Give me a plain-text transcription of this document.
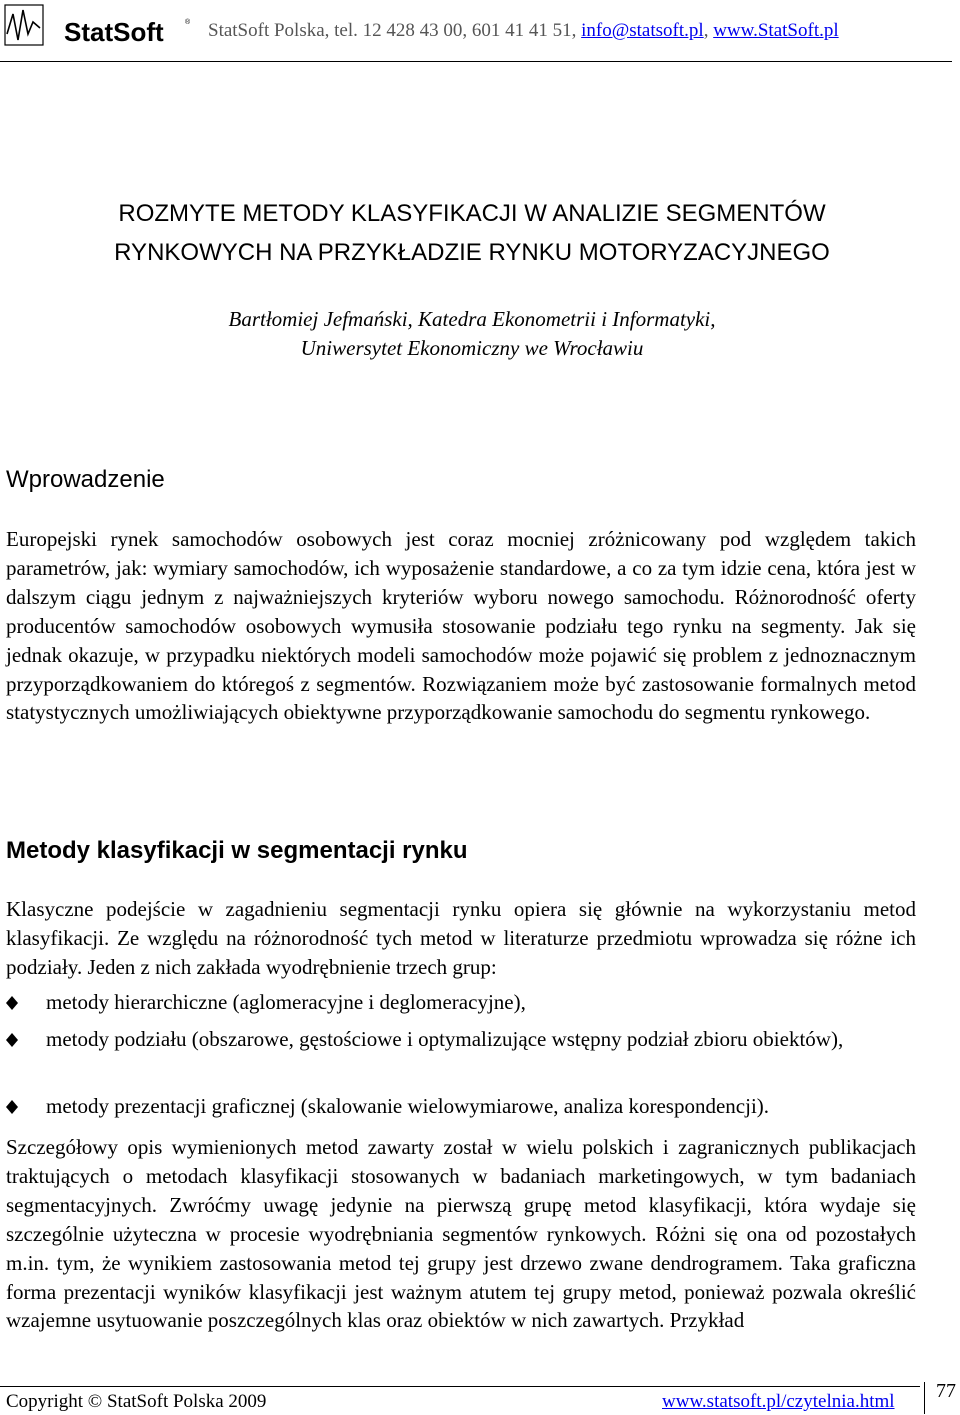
StatSoft	® StatSoft Polska, tel. 12 428 43 00, 601 41 41 51, info@statsoft.pl, www.StatSoft.pl
ROZMYTE METODY KLASYFIKACJI W ANALIZIE SEGMENTÓW
RYNKOWYCH NA PRZYKŁADZIE RYNKU MOTORYZACYJNEGO
Bartłomiej Jefmański, Katedra Ekonometrii i Informatyki,
Uniwersytet Ekonomiczny we Wrocławiu
Wprowadzenie

Europejski rynek samochodów osobowych jest coraz mocniej zróżnicowany pod względem takich parametrów, jak: wymiary samochodów, ich wyposażenie standardowe, a co za tym idzie cena, która jest w dalszym ciągu jednym z najważniejszych kryteriów wyboru nowego samochodu. Różnorodność oferty producentów samochodów osobowych wymusiła stosowanie podziału tego rynku na segmenty. Jak się jednak okazuje, w przypadku niektórych modeli samochodów może pojawić się problem z jednoznacznym przyporządkowaniem do któregoś z segmentów. Rozwiązaniem może być zastosowanie formalnych metod statystycznych umożliwiających obiektywne przyporządkowanie samochodu do segmentu rynkowego.

Metody klasyfikacji w segmentacji rynku

Klasyczne podejście w zagadnieniu segmentacji rynku opiera się głównie na wykorzystaniu metod klasyfikacji. Ze względu na różnorodność tych metod w literaturze przedmiotu wprowadza się różne ich podziały. Jeden z nich zakłada wyodrębnienie trzech grup:

metody hierarchiczne (aglomeracyjne i deglomeracyjne),
metody podziału (obszarowe, gęstościowe i optymalizujące wstępny podział zbioru obiektów),
metody prezentacji graficznej (skalowanie wielowymiarowe, analiza korespondencji).

Szczegółowy opis wymienionych metod zawarty został w wielu polskich i zagranicznych publikacjach traktujących o metodach klasyfikacji stosowanych w badaniach marketingowych, w tym badaniach segmentacyjnych. Zwróćmy uwagę jedynie na pierwszą grupę metod klasyfikacji, która wydaje się szczególnie użyteczna w procesie wyodrębniania segmentów rynkowych. Różni się ona od pozostałych m.in. tym, że wynikiem zastosowania metod tej grupy jest drzewo zwane dendrogramem. Taka graficzna forma prezentacji wyników klasyfikacji jest ważnym atutem tej grupy metod, ponieważ pozwala określić wzajemne usytuowanie poszczególnych klas oraz obiektów w nich zawartych. Przykład

Copyright © StatSoft Polska 2009	www.statsoft.pl/czytelnia.html 77
